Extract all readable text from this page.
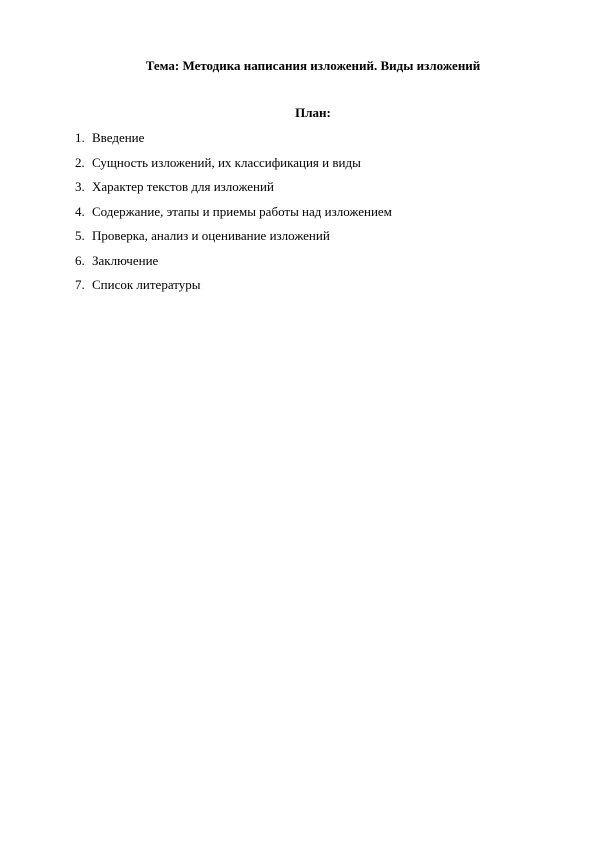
Тема: Методика написания изложений. Виды изложений
План:
1. Введение
2. Сущность изложений, их классификация и виды
3. Характер текстов для изложений
4. Содержание, этапы и приемы работы над изложением
5. Проверка, анализ и оценивание изложений
6. Заключение
7. Список литературы
